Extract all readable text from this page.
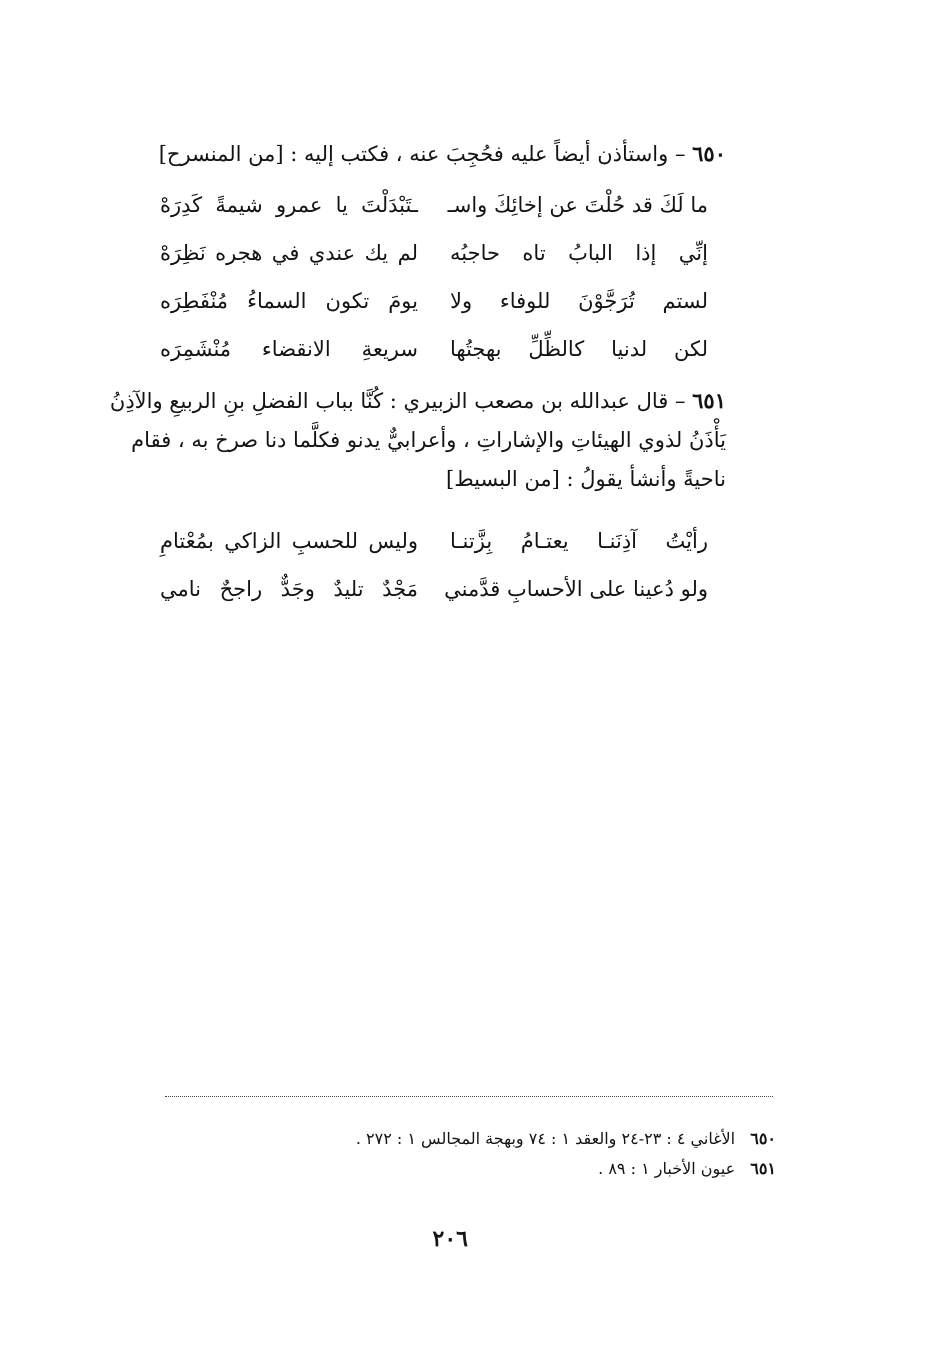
٦٥٠ – واستأذن أيضاً عليه فحُجِبَ عنه ، فكتب إليه : [من المنسرح]
ما لَكَ قد حُلْتَ عن إخائِكَ واسـ
ـتَبْدَلْتَ يا عمرو شيمةً كَدِرَهْ
إنِّي إذا البابُ تاه حاجبُه
لم يك عندي في هجره نَظِرَهْ
لستم تُرَجَّوْنَ للوفاء ولا
يومَ تكون السماءُ مُنْفَطِرَه
لكن لدنيا كالظِّلِّ بهجتُها
سريعةِ الانقضاء مُنْشَمِرَه
٦٥١ – قال عبدالله بن مصعب الزبيري : كُنَّا بباب الفضلِ بنِ الربيعِ والآذِنُ يَأْذَنُ لذوي الهيئاتِ والإشاراتِ ، وأعرابيٌّ يدنو فكلَّما دنا صرخ به ، فقام ناحيةً وأنشأ يقولُ : [من البسيط]
رأيْتُ آذِنَنـا يعتـامُ بِزَّتنـا
وليس للحسبِ الزاكي بمُعْتامِ
ولو دُعينا على الأحسابِ قدَّمني
مَجْدٌ تليدٌ وجَدٌّ راجحٌ نامي
٦٥٠ الأغاني ٤ : ٢٣-٢٤ والعقد ١ : ٧٤ وبهجة المجالس ١ : ٢٧٢ .
٦٥١ عيون الأخبار ١ : ٨٩ .
٢٠٦
